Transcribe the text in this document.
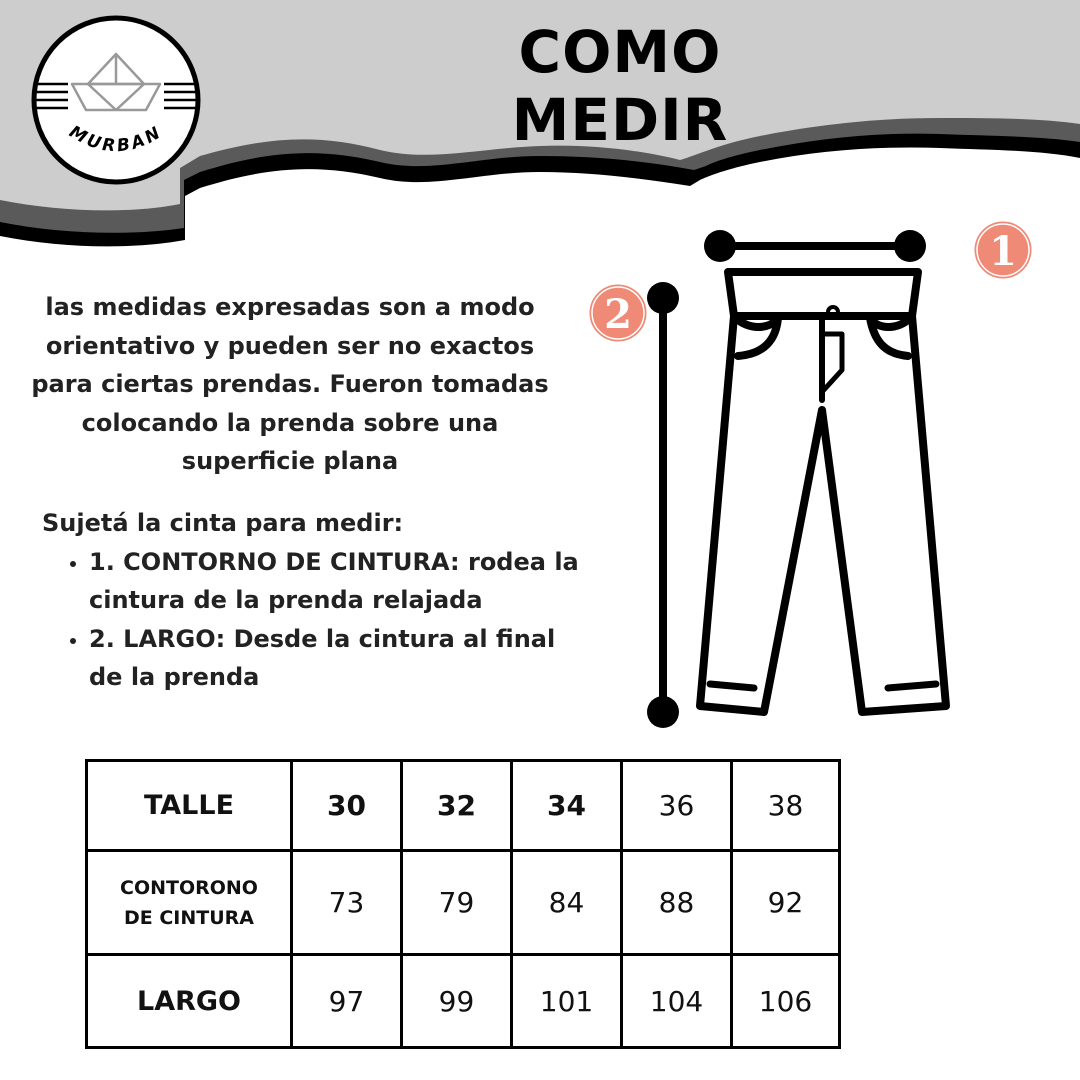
COMO MEDIR
MURBAN
las medidas expresadas son a modo
orientativo y pueden ser no exactos
para ciertas prendas. Fueron tomadas
colocando la prenda sobre una
superficie plana

Sujetá la cinta para medir:

• 1. CONTORNO DE CINTURA: rodea la
cintura de la prenda relajada
• 2. LARGO: Desde la cintura al final
de la prenda
1
2
TALLE	30	32	34	36	38
CONTORONO
DE CINTURA	73	79	84	88	92
LARGO	97	99	101	104	106
